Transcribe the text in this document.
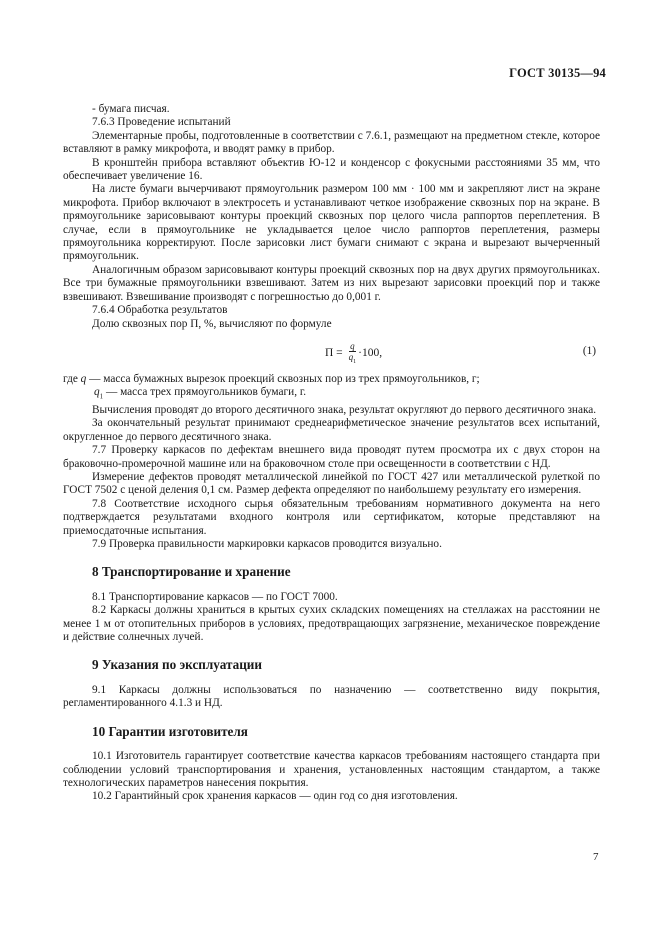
ГОСТ 30135—94

- бумага писчая.

7.6.3 Проведение испытаний

Элементарные пробы, подготовленные в соответствии с 7.6.1, размещают на предметном стекле, которое вставляют в рамку микрофота, и вводят рамку в прибор.

В кронштейн прибора вставляют объектив Ю-12 и конденсор с фокусными расстояниями 35 мм, что обеспечивает увеличение 16.

На листе бумаги вычерчивают прямоугольник размером 100 мм · 100 мм и закрепляют лист на экране микрофота. Прибор включают в электросеть и устанавливают четкое изображение сквозных пор на экране. В прямоугольнике зарисовывают контуры проекций сквозных пор целого числа раппортов переплетения. В случае, если в прямоугольнике не укладывается целое число раппортов переплетения, размеры прямоугольника корректируют. После зарисовки лист бумаги снимают с экрана и вырезают вычерченный прямоугольник.

Аналогичным образом зарисовывают контуры проекций сквозных пор на двух других прямоугольниках. Все три бумажные прямоугольники взвешивают. Затем из них вырезают зарисовки проекций пор и также взвешивают. Взвешивание производят с погрешностью до 0,001 г.

7.6.4 Обработка результатов

Долю сквозных пор П, %, вычисляют по формуле

$П = \frac{q}{q_1} \cdot 100$,	(1)

где q — масса бумажных вырезок проекций сквозных пор из трех прямоугольников, г;

$q_1$ — масса трех прямоугольников бумаги, г.

Вычисления проводят до второго десятичного знака, результат округляют до первого десятичного знака.

За окончательный результат принимают среднеарифметическое значение результатов всех испытаний, округленное до первого десятичного знака.

7.7 Проверку каркасов по дефектам внешнего вида проводят путем просмотра их с двух сторон на браковочно-промерочной машине или на браковочном столе при освещенности в соответствии с НД.

Измерение дефектов проводят металлической линейкой по ГОСТ 427 или металлической рулеткой по ГОСТ 7502 с ценой деления 0,1 см. Размер дефекта определяют по наибольшему результату его измерения.

7.8 Соответствие исходного сырья обязательным требованиям нормативного документа на него подтверждается результатами входного контроля или сертификатом, которые представляют на приемосдаточные испытания.

7.9 Проверка правильности маркировки каркасов проводится визуально.

8 Транспортирование и хранение

8.1 Транспортирование каркасов — по ГОСТ 7000.

8.2 Каркасы должны храниться в крытых сухих складских помещениях на стеллажах на расстоянии не менее 1 м от отопительных приборов в условиях, предотвращающих загрязнение, механическое повреждение и действие солнечных лучей.

9 Указания по эксплуатации

9.1 Каркасы должны использоваться по назначению — соответственно виду покрытия, регламентированного 4.1.3 и НД.

10 Гарантии изготовителя

10.1 Изготовитель гарантирует соответствие качества каркасов требованиям настоящего стандарта при соблюдении условий транспортирования и хранения, установленных настоящим стандартом, а также технологических параметров нанесения покрытия.

10.2 Гарантийный срок хранения каркасов — один год со дня изготовления.

7
